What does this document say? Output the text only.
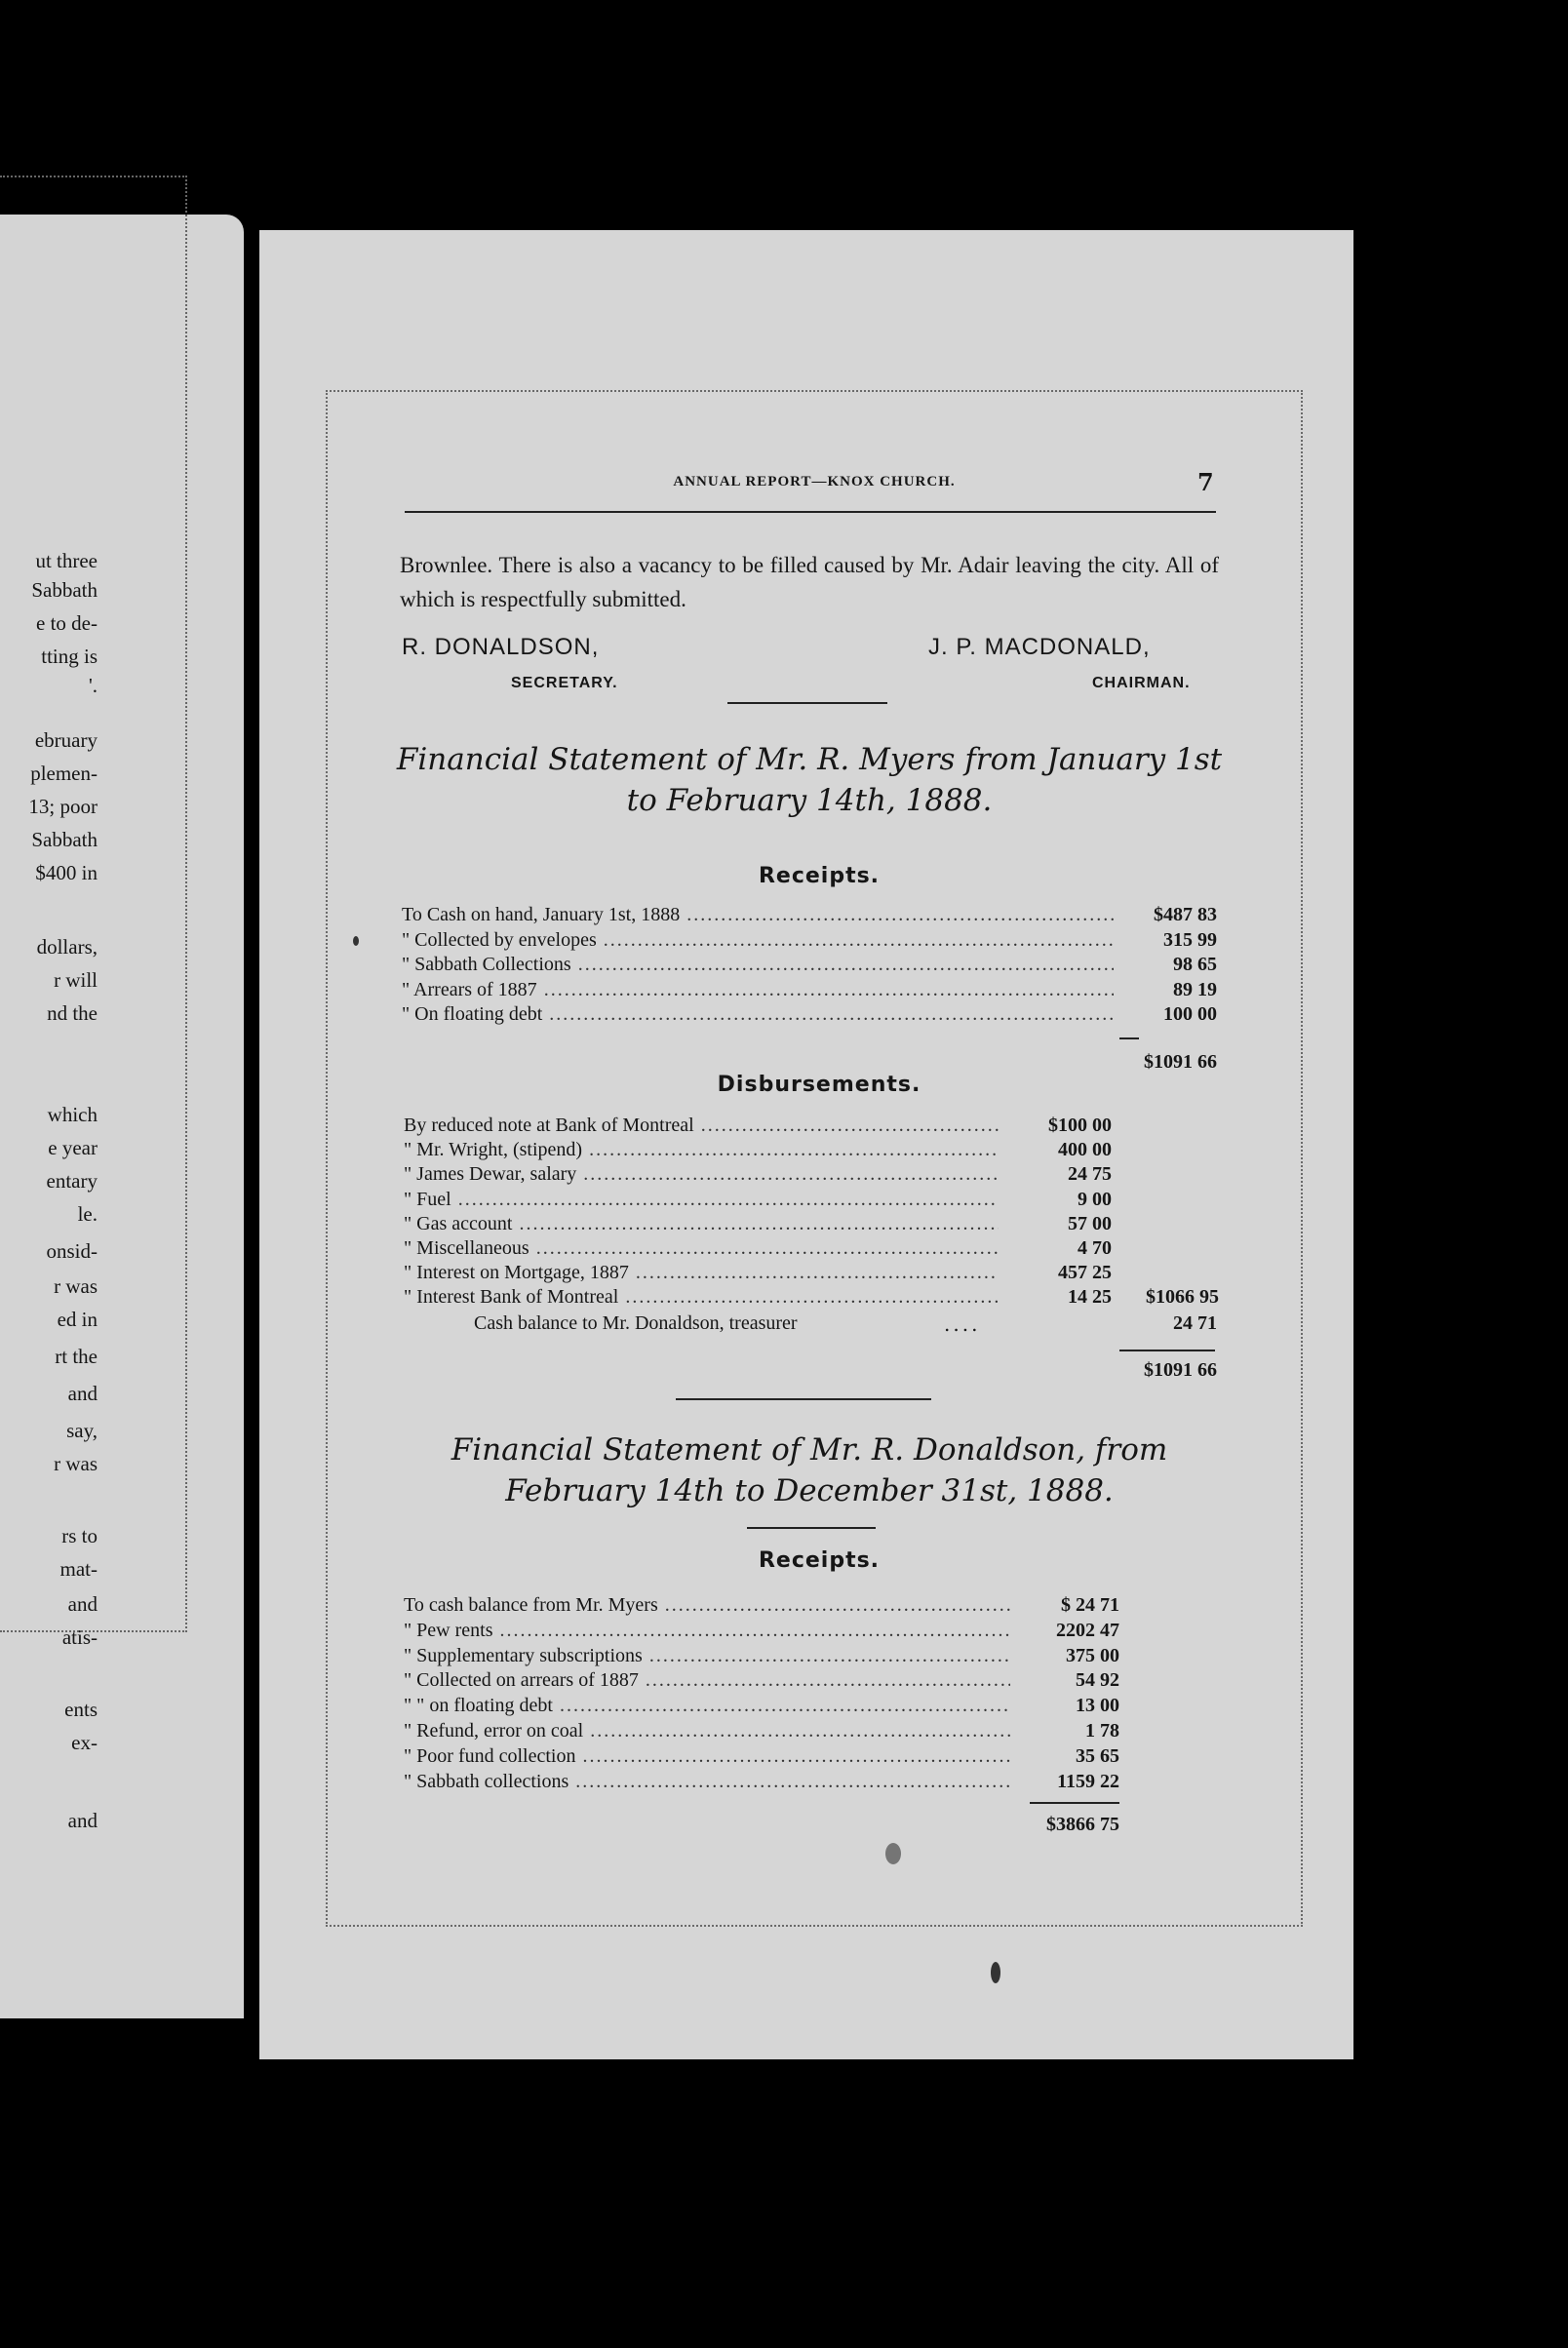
ut three
Sabbath
e to de-
tting is
'.
ebruary
plemen-
13; poor
Sabbath
$400 in
dollars,
r will
nd the
which
e year
entary
le.
onsid-
r was
ed in
rt the
and
say,
r was
rs to
mat-
and
atis-
ents
ex-
and
ANNUAL REPORT—KNOX CHURCH.	7
Brownlee. There is also a vacancy to be filled caused by Mr. Adair leaving the city. All of which is respectfully submitted.
R. DONALDSON,
SECRETARY.
J. P. MACDONALD,
CHAIRMAN.
Financial Statement of Mr. R. Myers from January 1st to February 14th, 1888.
Receipts.
To Cash on hand, January 1st, 1888 .....	$487 83
" Collected by envelopes .....	315 99
" Sabbath Collections .....	98 65
" Arrears of 1887 .....	89 19
" On floating debt .....	100 00
$1091 66
Disbursements.
By reduced note at Bank of Montreal .....	$100 00
" Mr. Wright, (stipend) .....	400 00
" James Dewar, salary .....	24 75
" Fuel .....	9 00
" Gas account .....	57 00
" Miscellaneous .....	4 70
" Interest on Mortgage, 1887 .....	457 25
" Interest Bank of Montreal .....	14 25	$1066 95
Cash balance to Mr. Donaldson, treasurer	....	24 71
$1091 66
Financial Statement of Mr. R. Donaldson, from February 14th to December 31st, 1888.
Receipts.
To cash balance from Mr. Myers .....	$ 24 71
" Pew rents .....	2202 47
" Supplementary subscriptions .....	375 00
" Collected on arrears of 1887 .....	54 92
" " on floating debt .....	13 00
" Refund, error on coal .....	1 78
" Poor fund collection .....	35 65
" Sabbath collections .....	1159 22
$3866 75
